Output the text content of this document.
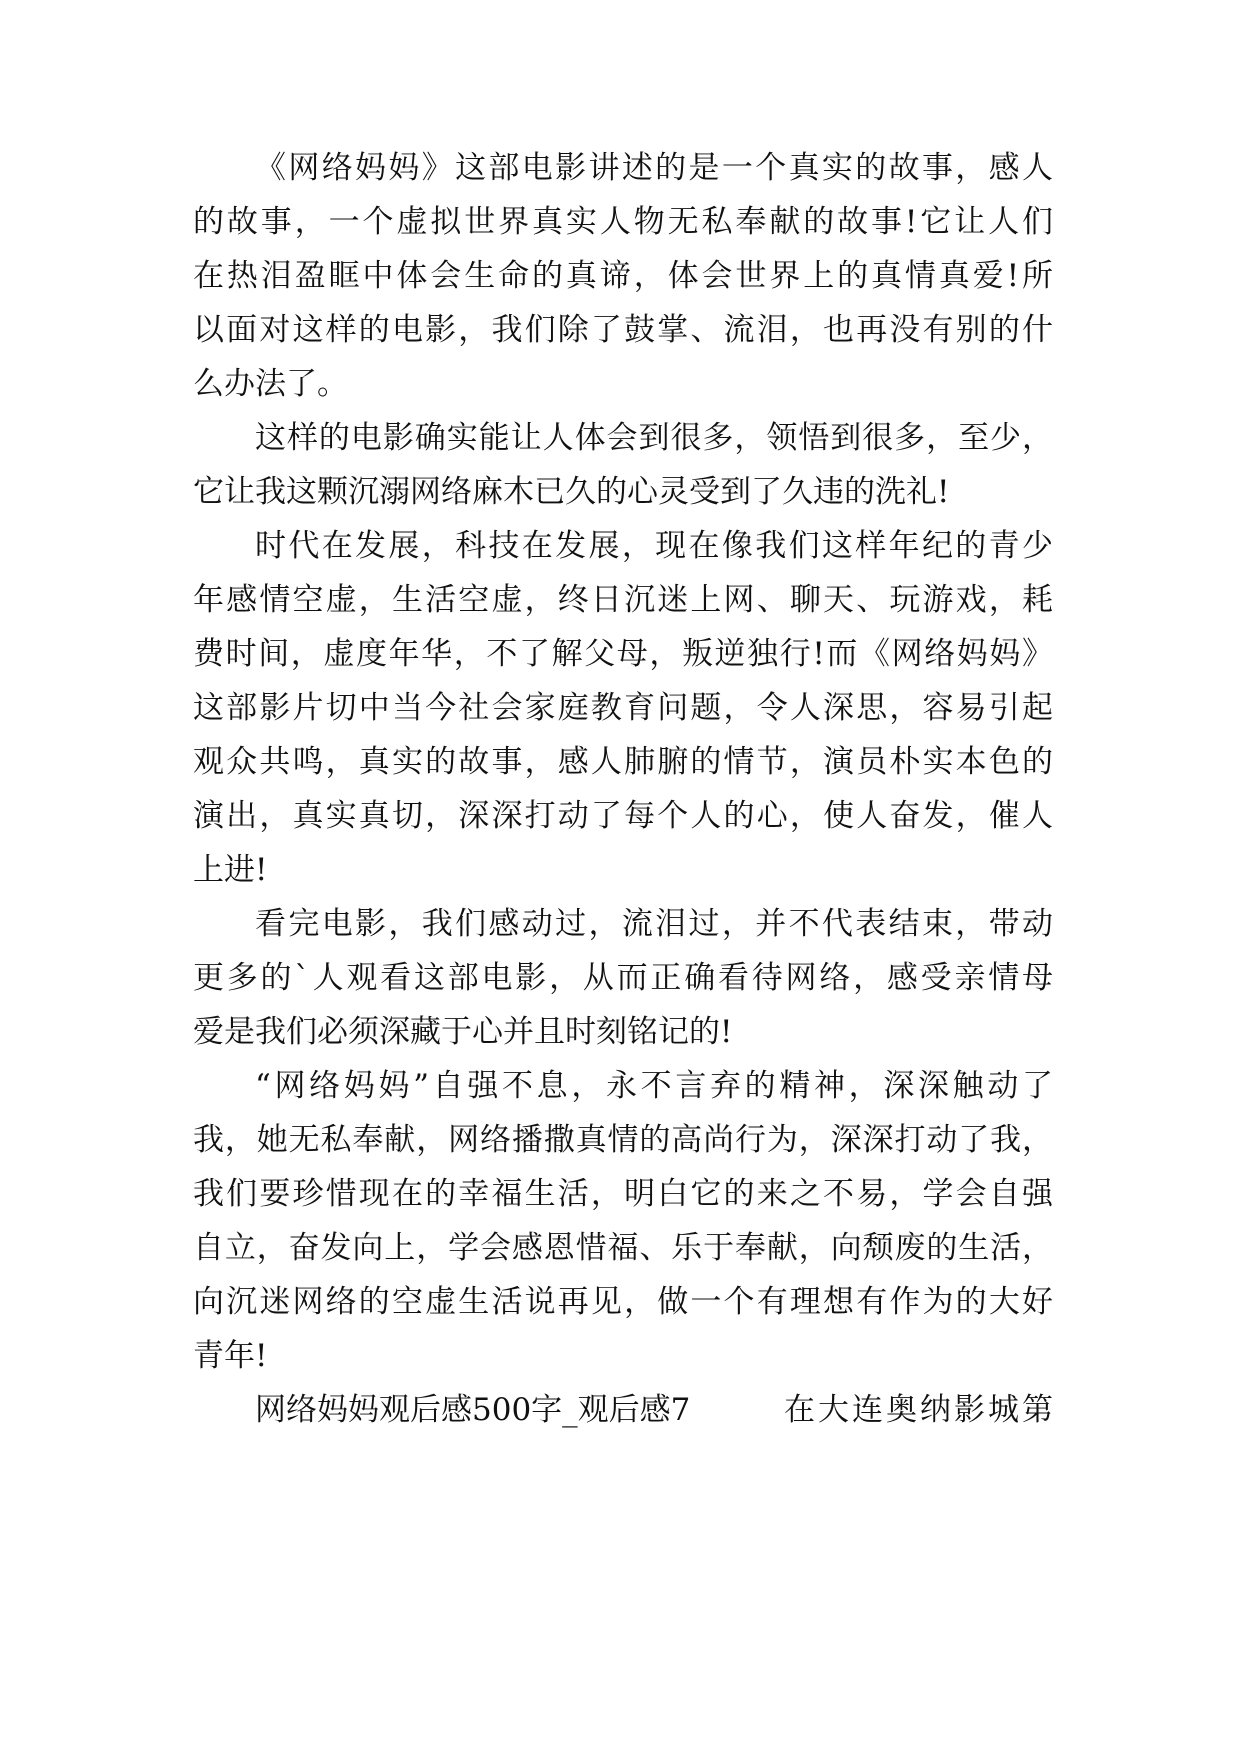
《网络妈妈》这部电影讲述的是一个真实的故事，感人
的故事，一个虚拟世界真实人物无私奉献的故事!它让人们
在热泪盈眶中体会生命的真谛，体会世界上的真情真爱!所
以面对这样的电影，我们除了鼓掌、流泪，也再没有别的什
么办法了。
这样的电影确实能让人体会到很多，领悟到很多，至少，
它让我这颗沉溺网络麻木已久的心灵受到了久违的洗礼!
时代在发展，科技在发展，现在像我们这样年纪的青少
年感情空虚，生活空虚，终日沉迷上网、聊天、玩游戏，耗
费时间，虚度年华，不了解父母，叛逆独行!而《网络妈妈》
这部影片切中当今社会家庭教育问题，令人深思，容易引起
观众共鸣，真实的故事，感人肺腑的情节，演员朴实本色的
演出，真实真切，深深打动了每个人的心，使人奋发，催人
上进!
看完电影，我们感动过，流泪过，并不代表结束，带动
更多的`人观看这部电影，从而正确看待网络，感受亲情母
爱是我们必须深藏于心并且时刻铭记的!
“网络妈妈”自强不息，永不言弃的精神，深深触动了
我，她无私奉献，网络播撒真情的高尚行为，深深打动了我，
我们要珍惜现在的幸福生活，明白它的来之不易，学会自强
自立，奋发向上，学会感恩惜福、乐于奉献，向颓废的生活，
向沉迷网络的空虚生活说再见，做一个有理想有作为的大好
青年!
网络妈妈观后感500字_观后感7	在大连奥纳影城第
